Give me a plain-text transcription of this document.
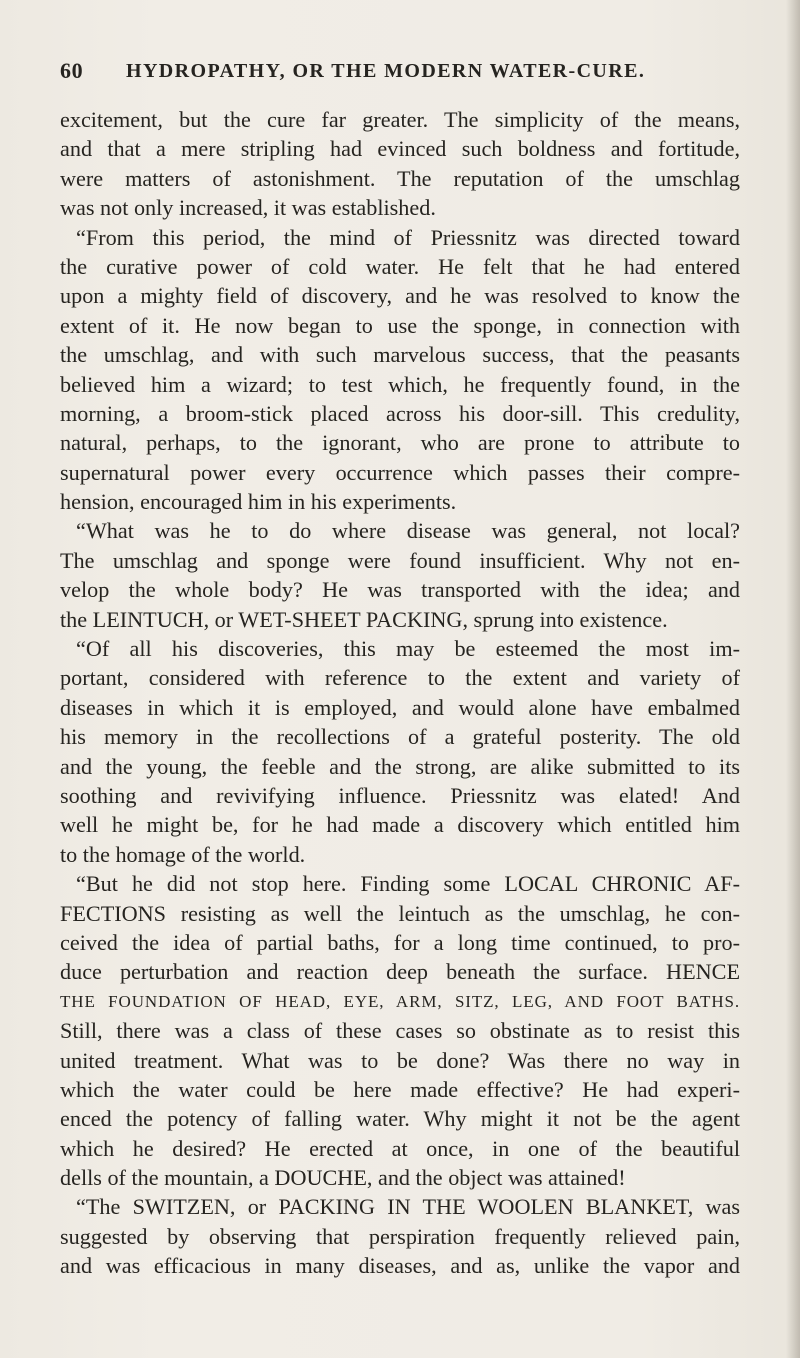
60 HYDROPATHY, OR THE MODERN WATER-CURE.
excitement, but the cure far greater. The simplicity of the means,
and that a mere stripling had evinced such boldness and fortitude,
were matters of astonishment. The reputation of the umschlag
was not only increased, it was established.
“From this period, the mind of Priessnitz was directed toward
the curative power of cold water. He felt that he had entered
upon a mighty field of discovery, and he was resolved to know the
extent of it. He now began to use the sponge, in connection with
the umschlag, and with such marvelous success, that the peasants
believed him a wizard; to test which, he frequently found, in the
morning, a broom-stick placed across his door-sill. This credulity,
natural, perhaps, to the ignorant, who are prone to attribute to
supernatural power every occurrence which passes their compre-
hension, encouraged him in his experiments.
“What was he to do where disease was general, not local?
The umschlag and sponge were found insufficient. Why not en-
velop the whole body? He was transported with the idea; and
the LEINTUCH, or WET-SHEET PACKING, sprung into existence.
“Of all his discoveries, this may be esteemed the most im-
portant, considered with reference to the extent and variety of
diseases in which it is employed, and would alone have embalmed
his memory in the recollections of a grateful posterity. The old
and the young, the feeble and the strong, are alike submitted to its
soothing and revivifying influence. Priessnitz was elated! And
well he might be, for he had made a discovery which entitled him
to the homage of the world.
“But he did not stop here. Finding some LOCAL CHRONIC AF-
FECTIONS resisting as well the leintuch as the umschlag, he con-
ceived the idea of partial baths, for a long time continued, to pro-
duce perturbation and reaction deep beneath the surface. HENCE
THE FOUNDATION OF HEAD, EYE, ARM, SITZ, LEG, AND FOOT BATHS.
Still, there was a class of these cases so obstinate as to resist this
united treatment. What was to be done? Was there no way in
which the water could be here made effective? He had experi-
enced the potency of falling water. Why might it not be the agent
which he desired? He erected at once, in one of the beautiful
dells of the mountain, a DOUCHE, and the object was attained!
“The SWITZEN, or PACKING IN THE WOOLEN BLANKET, was
suggested by observing that perspiration frequently relieved pain,
and was efficacious in many diseases, and as, unlike the vapor and
